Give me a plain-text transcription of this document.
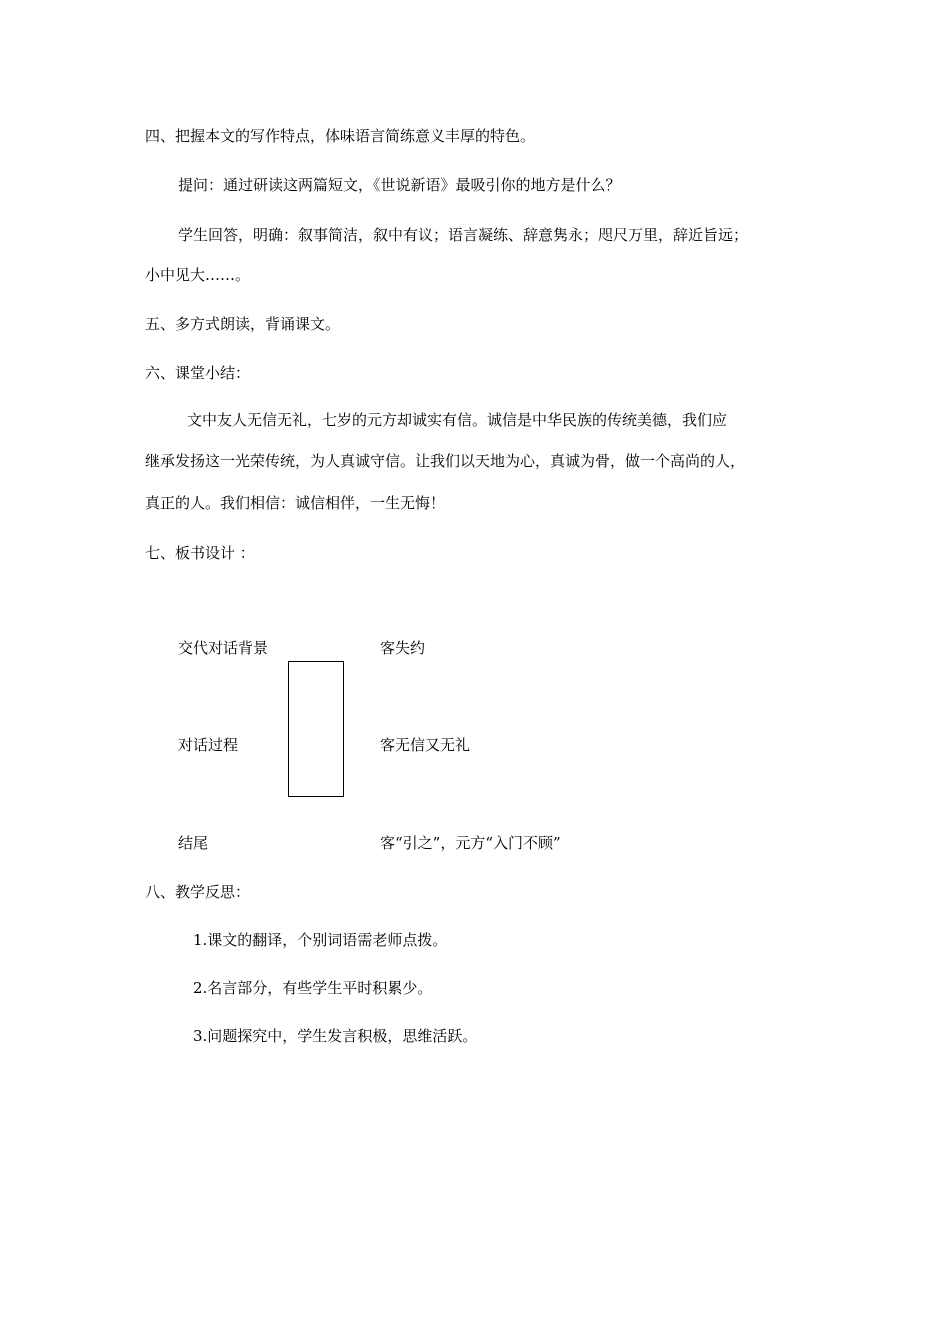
四、把握本文的写作特点，体味语言简练意义丰厚的特色。
提问：通过研读这两篇短文，《世说新语》最吸引你的地方是什么？
学生回答，明确：叙事简洁，叙中有议；语言凝练、辞意隽永；咫尺万里，辞近旨远；
小中见大……。
五、多方式朗读，背诵课文。
六、课堂小结：
文中友人无信无礼，七岁的元方却诚实有信。诚信是中华民族的传统美德，我们应
继承发扬这一光荣传统，为人真诚守信。让我们以天地为心，真诚为骨，做一个高尚的人，
真正的人。我们相信：诚信相伴，一生无悔！
七、板书设计 ：
交代对话背景	客失约
对话过程	客无信又无礼
结尾	客“引之”，元方“入门不顾”
八、教学反思：
1.课文的翻译，个别词语需老师点拨。
2.名言部分，有些学生平时积累少。
3.问题探究中，学生发言积极，思维活跃。
